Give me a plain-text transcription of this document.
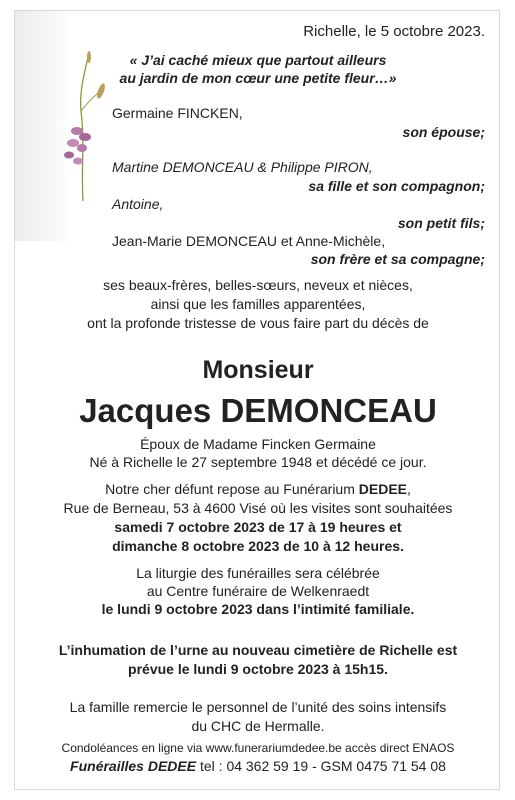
Richelle, le 5 octobre 2023.
« J’ai caché mieux que partout ailleurs
au jardin de mon cœur une petite fleur…»
Germaine FINCKEN,
son épouse;
Martine DEMONCEAU & Philippe PIRON,
sa fille et son compagnon;
Antoine,
son petit fils;
Jean-Marie DEMONCEAU et Anne-Michèle,
son frère et sa compagne;
ses beaux-frères, belles-sœurs, neveux et nièces,
ainsi que les familles apparentées,
ont la profonde tristesse de vous faire part du décès de
Monsieur
Jacques DEMONCEAU
Époux de Madame Fincken Germaine
Né à Richelle le 27 septembre 1948 et décédé ce jour.
Notre cher défunt repose au Funérarium DEDEE,
Rue de Berneau, 53 à 4600 Visé où les visites sont souhaitées
samedi 7 octobre 2023 de 17 à 19 heures et
dimanche 8 octobre 2023 de 10 à 12 heures.
La liturgie des funérailles sera célébrée
au Centre funéraire de Welkenraedt
le lundi 9 octobre 2023 dans l’intimité familiale.
L’inhumation de l’urne au nouveau cimetière de Richelle est
prévue le lundi 9 octobre 2023 à 15h15.
La famille remercie le personnel de l’unité des soins intensifs
du CHC de Hermalle.
Condoléances en ligne via www.funerariumdedee.be accès direct ENAOS
Funérailles DEDEE tel : 04 362 59 19 - GSM 0475 71 54 08
